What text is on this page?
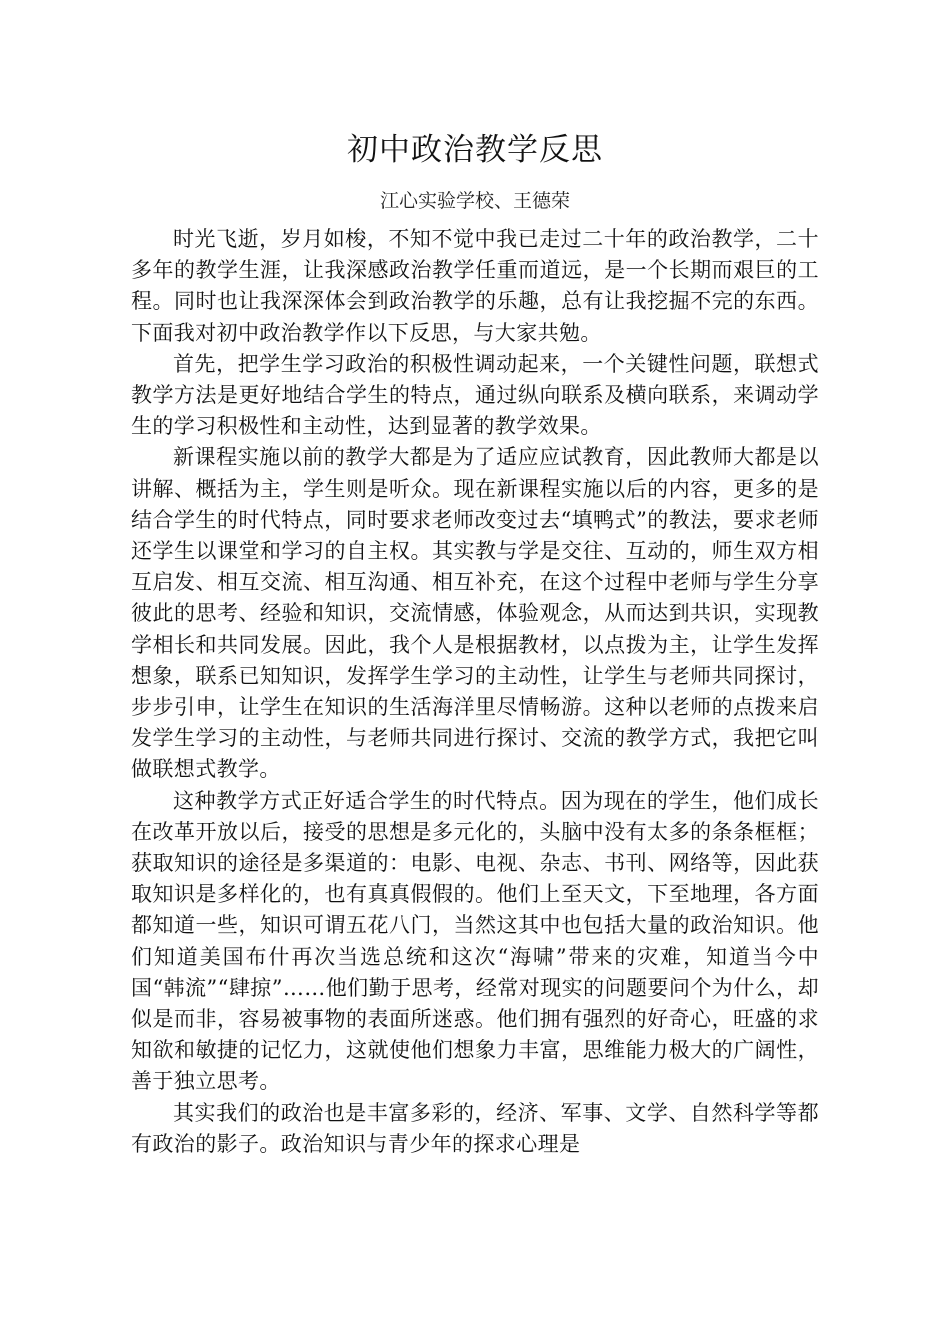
初中政治教学反思
江心实验学校、王德荣

时光飞逝，岁月如梭，不知不觉中我已走过二十年的政治教学，二十多年的教学生涯，让我深感政治教学任重而道远，是一个长期而艰巨的工程。同时也让我深深体会到政治教学的乐趣，总有让我挖掘不完的东西。下面我对初中政治教学作以下反思，与大家共勉。

首先，把学生学习政治的积极性调动起来，一个关键性问题，联想式教学方法是更好地结合学生的特点，通过纵向联系及横向联系，来调动学生的学习积极性和主动性，达到显著的教学效果。

新课程实施以前的教学大都是为了适应应试教育，因此教师大都是以讲解、概括为主，学生则是听众。现在新课程实施以后的内容，更多的是结合学生的时代特点，同时要求老师改变过去“填鸭式”的教法，要求老师还学生以课堂和学习的自主权。其实教与学是交往、互动的，师生双方相互启发、相互交流、相互沟通、相互补充，在这个过程中老师与学生分享彼此的思考、经验和知识，交流情感，体验观念，从而达到共识，实现教学相长和共同发展。因此，我个人是根据教材，以点拨为主，让学生发挥想象，联系已知知识，发挥学生学习的主动性，让学生与老师共同探讨，步步引申，让学生在知识的生活海洋里尽情畅游。这种以老师的点拨来启发学生学习的主动性，与老师共同进行探讨、交流的教学方式，我把它叫做联想式教学。

这种教学方式正好适合学生的时代特点。因为现在的学生，他们成长在改革开放以后，接受的思想是多元化的，头脑中没有太多的条条框框；获取知识的途径是多渠道的：电影、电视、杂志、书刊、网络等，因此获取知识是多样化的，也有真真假假的。他们上至天文，下至地理，各方面都知道一些，知识可谓五花八门，当然这其中也包括大量的政治知识。他们知道美国布什再次当选总统和这次“海啸”带来的灾难，知道当今中国“韩流”“肆掠”……他们勤于思考，经常对现实的问题要问个为什么，却似是而非，容易被事物的表面所迷惑。他们拥有强烈的好奇心，旺盛的求知欲和敏捷的记忆力，这就使他们想象力丰富，思维能力极大的广阔性，善于独立思考。

其实我们的政治也是丰富多彩的，经济、军事、文学、自然科学等都有政治的影子。政治知识与青少年的探求心理是
